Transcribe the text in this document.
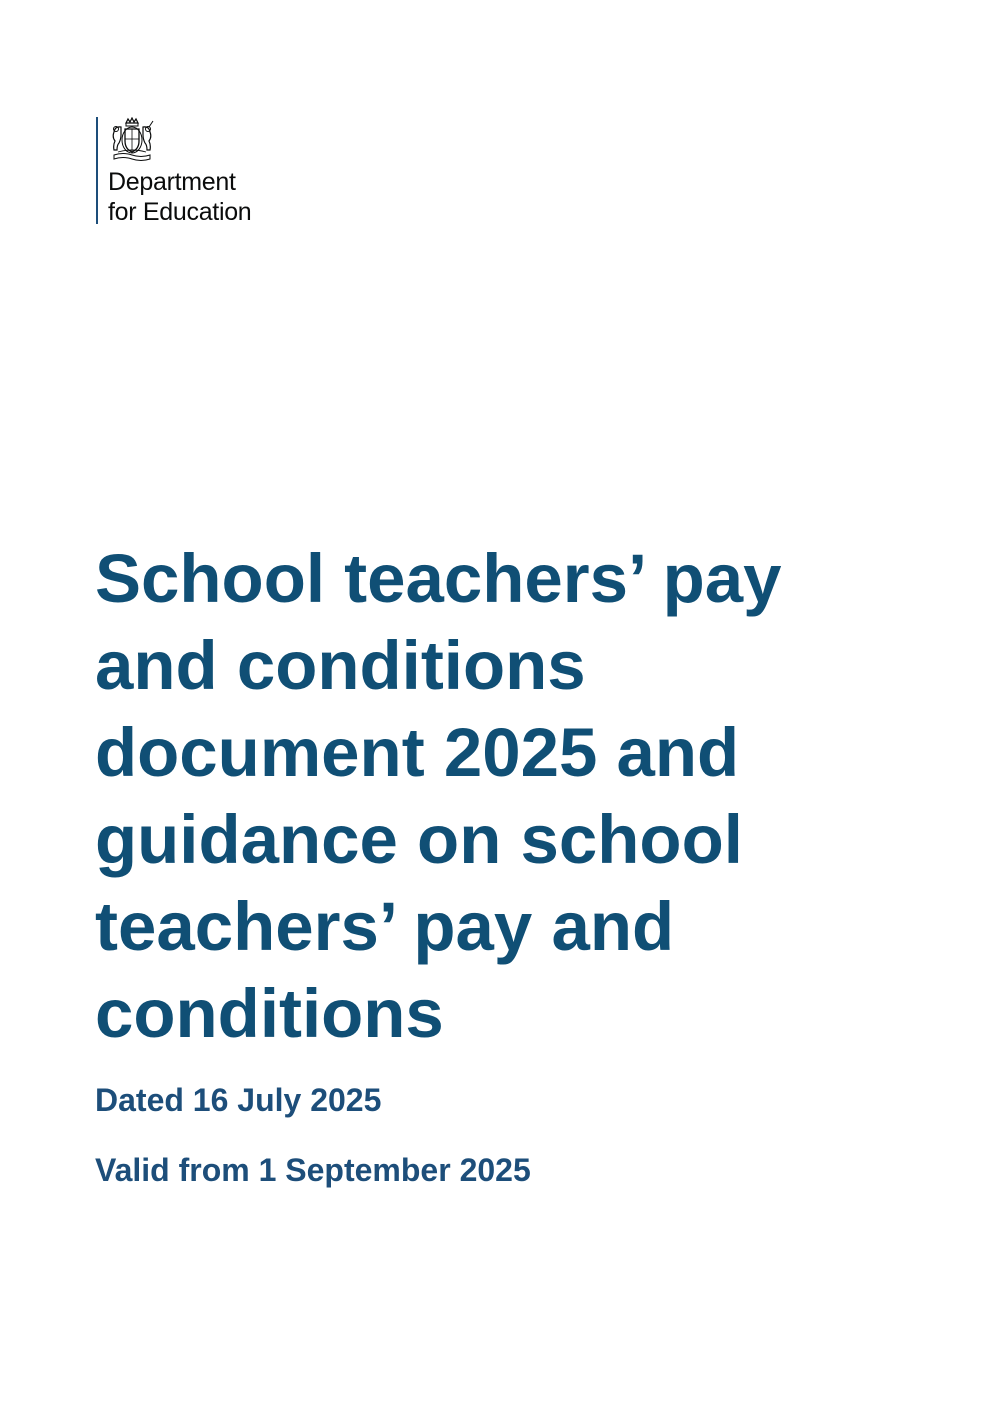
Department
for Education

School teachers’ pay
and conditions
document 2025 and
guidance on school
teachers’ pay and
conditions

Dated 16 July 2025

Valid from 1 September 2025
